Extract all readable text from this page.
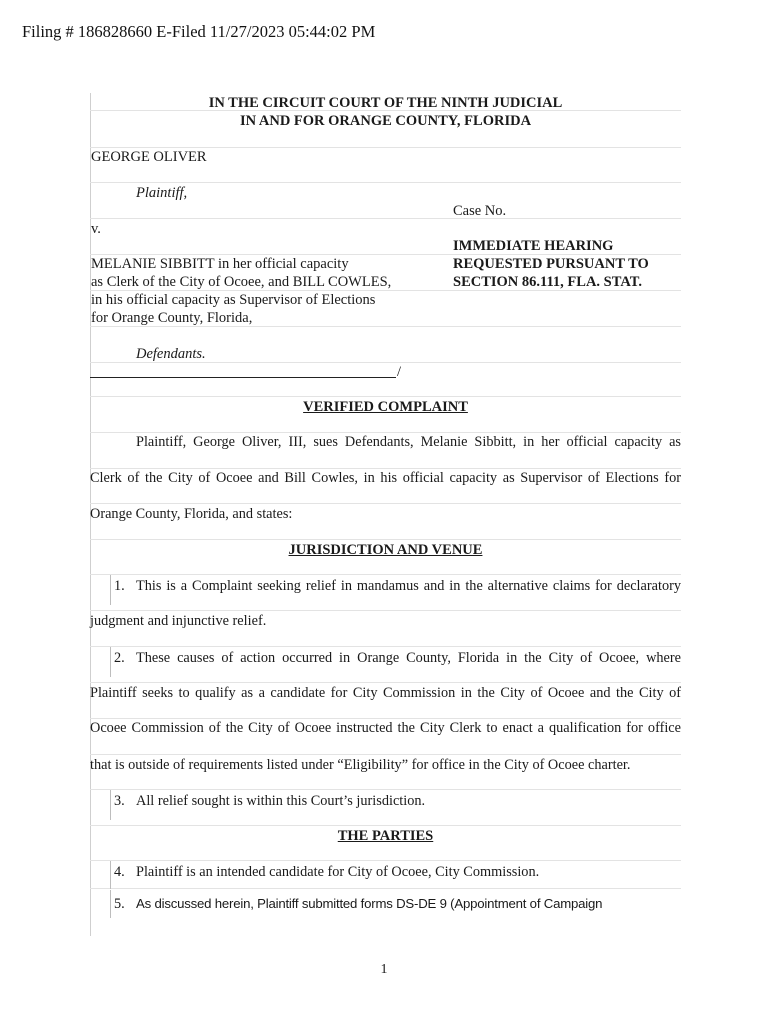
Filing # 186828660 E-Filed 11/27/2023 05:44:02 PM
IN THE CIRCUIT COURT OF THE NINTH JUDICIAL
IN AND FOR ORANGE COUNTY, FLORIDA
GEORGE OLIVER
Plaintiff,
Case No.
v.
MELANIE SIBBITT in her official capacity
as Clerk of the City of Ocoee, and BILL COWLES,
in his official capacity as Supervisor of Elections
for Orange County, Florida,
IMMEDIATE HEARING
REQUESTED PURSUANT TO
SECTION 86.111, FLA. STAT.
Defendants.
/
VERIFIED COMPLAINT
Plaintiff, George Oliver, III, sues Defendants, Melanie Sibbitt, in her official capacity as
Clerk of the City of Ocoee and Bill Cowles, in his official capacity as Supervisor of Elections for
Orange County, Florida, and states:
JURISDICTION AND VENUE
1. This is a Complaint seeking relief in mandamus and in the alternative claims for declaratory
judgment and injunctive relief.
2. These causes of action occurred in Orange County, Florida in the City of Ocoee, where
Plaintiff seeks to qualify as a candidate for City Commission in the City of Ocoee and the City of
Ocoee Commission of the City of Ocoee instructed the City Clerk to enact a qualification for office
that is outside of requirements listed under “Eligibility” for office in the City of Ocoee charter.
3. All relief sought is within this Court’s jurisdiction.
THE PARTIES
4. Plaintiff is an intended candidate for City of Ocoee, City Commission.
5. As discussed herein, Plaintiff submitted forms DS-DE 9 (Appointment of Campaign
1
